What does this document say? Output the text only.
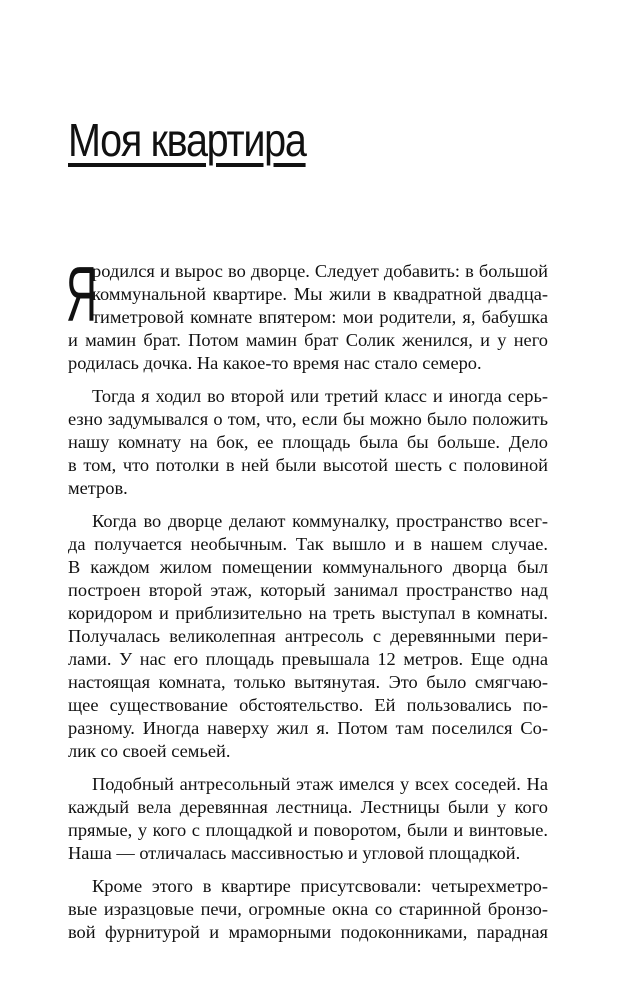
Моя квартира
Я
родился и вырос во дворце. Следует добавить: в большой
коммунальной квартире. Мы жили в квадратной двадца-
тиметровой комнате впятером: мои родители, я, бабушка
и мамин брат. Потом мамин брат Солик женился, и у него
родилась дочка. На какое-то время нас стало семеро.
Тогда я ходил во второй или третий класс и иногда серь-
езно задумывался о том, что, если бы можно было положить
нашу комнату на бок, ее площадь была бы больше. Дело
в том, что потолки в ней были высотой шесть с половиной
метров.
Когда во дворце делают коммуналку, пространство всег-
да получается необычным. Так вышло и в нашем случае.
В каждом жилом помещении коммунального дворца был
построен второй этаж, который занимал пространство над
коридором и приблизительно на треть выступал в комнаты.
Получалась великолепная антресоль с деревянными пери-
лами. У нас его площадь превышала 12 метров. Еще одна
настоящая комната, только вытянутая. Это было смягчаю-
щее существование обстоятельство. Ей пользовались по-
разному. Иногда наверху жил я. Потом там поселился Со-
лик со своей семьей.
Подобный антресольный этаж имелся у всех соседей. На
каждый вела деревянная лестница. Лестницы были у кого
прямые, у кого с площадкой и поворотом, были и винтовые.
Наша — отличалась массивностью и угловой площадкой.
Кроме этого в квартире присутсвовали: четырехметро-
вые изразцовые печи, огромные окна со старинной бронзо-
вой фурнитурой и мраморными подоконниками, парадная
